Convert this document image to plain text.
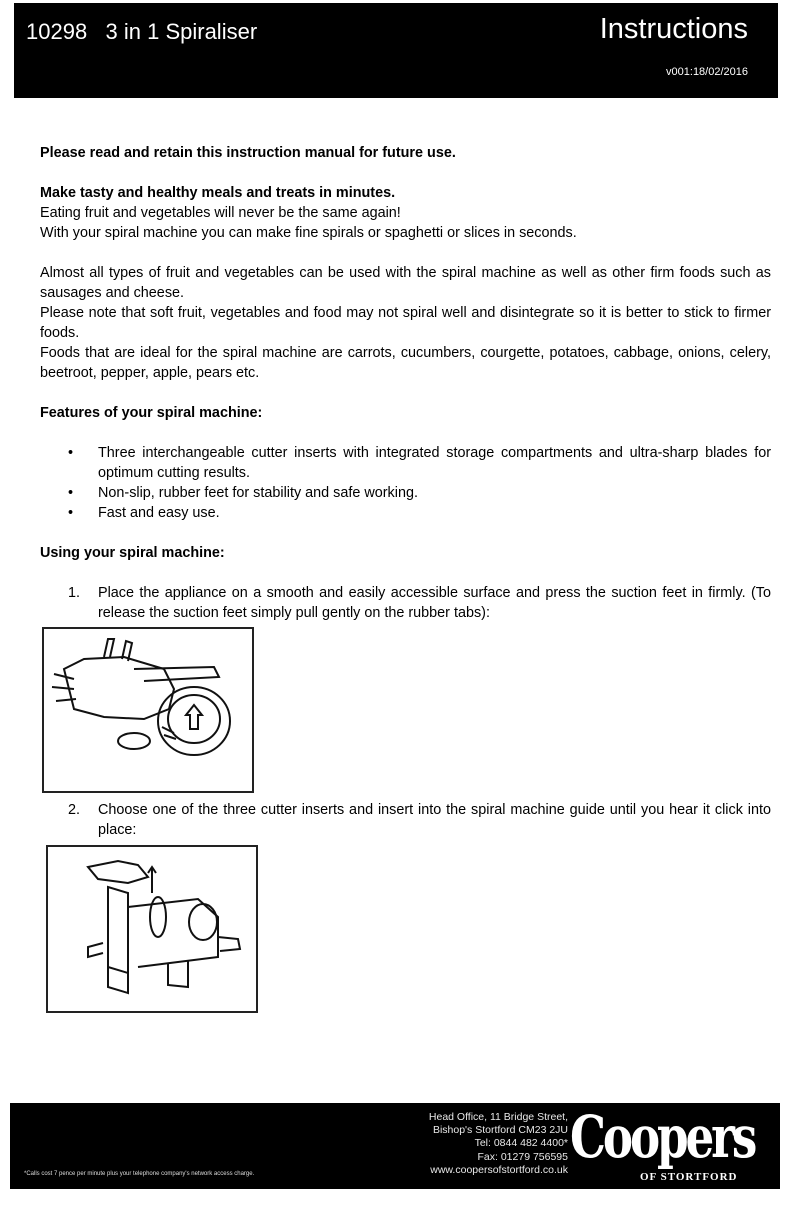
10298   3 in 1 Spiraliser	Instructions
v001:18/02/2016

Please read and retain this instruction manual for future use.

Make tasty and healthy meals and treats in minutes.

Eating fruit and vegetables will never be the same again!

With your spiral machine you can make fine spirals or spaghetti or slices in seconds.

Almost all types of fruit and vegetables can be used with the spiral machine as well as other firm foods such as sausages and cheese.

Please note that soft fruit, vegetables and food may not spiral well and disintegrate so it is better to stick to firmer foods.

Foods that are ideal for the spiral machine are carrots, cucumbers, courgette, potatoes, cabbage, onions, celery, beetroot, pepper, apple, pears etc.

Features of your spiral machine:

• Three interchangeable cutter inserts with integrated storage compartments and ultra-sharp blades for optimum cutting results.
• Non-slip, rubber feet for stability and safe working.
• Fast and easy use.

Using your spiral machine:

1. Place the appliance on a smooth and easily accessible surface and press the suction feet in firmly. (To release the suction feet simply pull gently on the rubber tabs):
2. Choose one of the three cutter inserts and insert into the spiral machine guide until you hear it click into place:
Head Office, 11 Bridge Street,
Bishop's Stortford CM23 2JU
Tel: 0844 482 4400*
Fax: 01279 756595
www.coopersofstortford.co.uk
*Calls cost 7 pence per minute plus your telephone company's network access charge.
Coopers
OF STORTFORD
